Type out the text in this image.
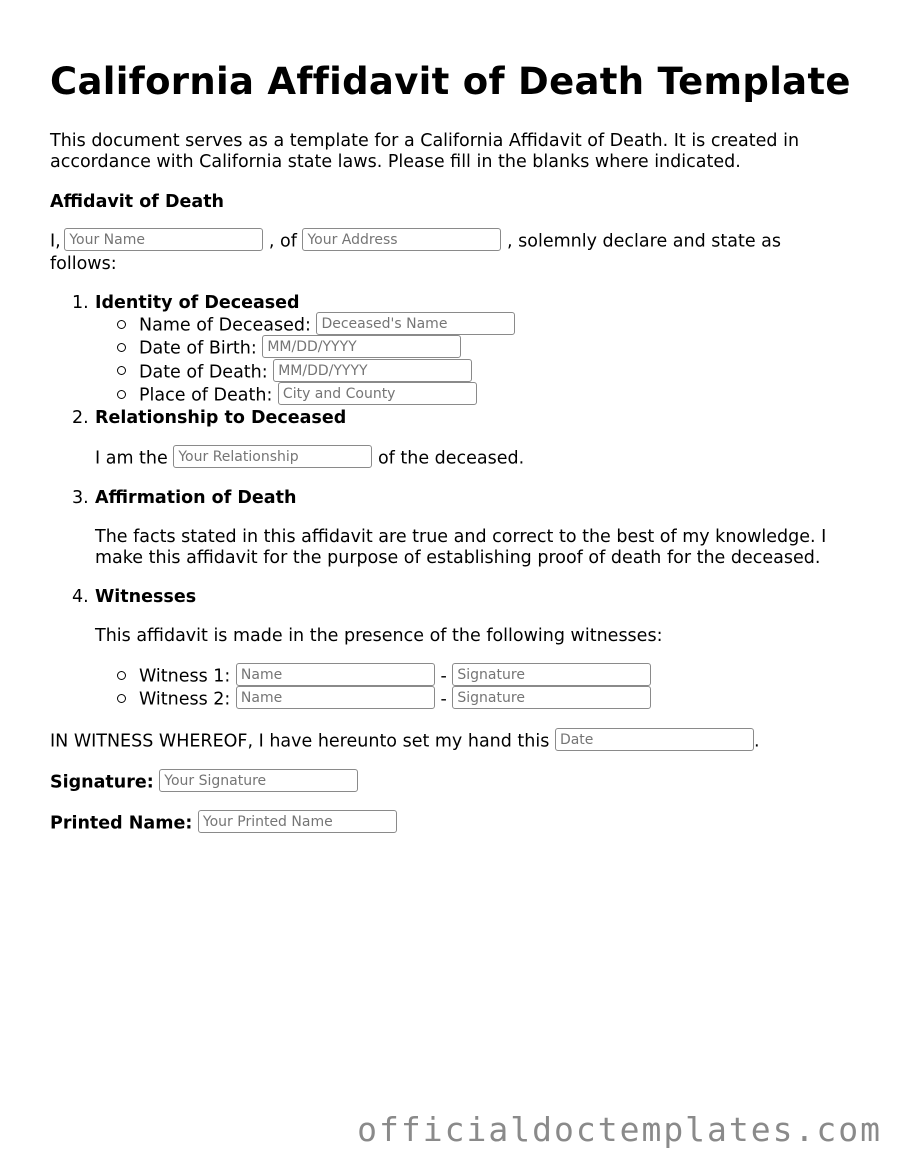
California Affidavit of Death Template

This document serves as a template for a California Affidavit of Death. It is created in accordance with California state laws. Please fill in the blanks where indicated.

Affidavit of Death
I, Your Name	, of Your Address	, solemnly declare and state as
follows:
1. Identity of Deceased
Name of Deceased: Deceased's Name
Date of Birth: MM/DD/YYYY
Date of Death: MM/DD/YYYY
Place of Death: City and County
2. Relationship to Deceased
I am the Your Relationship	of the deceased.
3. Affirmation of Death

The facts stated in this affidavit are true and correct to the best of my knowledge. I make this affidavit for the purpose of establishing proof of death for the deceased.

4. Witnesses
This affidavit is made in the presence of the following witnesses:
Witness 1: Name	- Signature
Witness 2: Name	- Signature
IN WITNESS WHEREOF, I have hereunto set my hand this Date	.
Signature: Your Signature
Printed Name: Your Printed Name
officialdoctemplates.com
